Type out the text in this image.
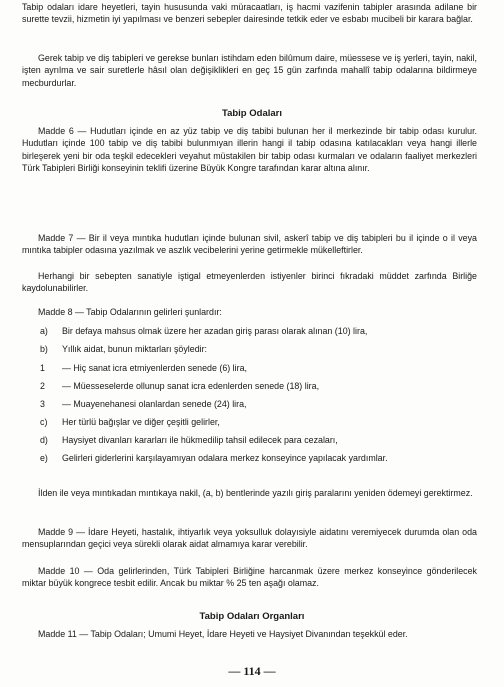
Tabip odaları idare heyetleri, tayin hususunda vaki müracaatları, iş hacmi vazifenin tabipler arasında adilane bir surette tevzii, hizmetin iyi yapılması ve benzeri sebepler dairesinde tetkik eder ve esbabı mucibeli bir karara bağlar.

Gerek tabip ve diş tabipleri ve gerekse bunları istihdam eden bilûmum daire, müessese ve iş yerleri, tayin, nakil, işten ayrılma ve sair suretlerle hâsıl olan değişiklikleri en geç 15 gün zarfında mahallî tabip odalarına bildirmeye mecburdurlar.

Tabip Odaları

Madde 6 — Hudutları içinde en az yüz tabip ve diş tabibi bulunan her il merkezinde bir tabip odası kurulur. Hudutları içinde 100 tabip ve diş tabibi bulunmıyan illerin hangi il tabip odasına katılacakları veya hangi illerle birleşerek yeni bir oda teşkil edecekleri veyahut müstakilen bir tabip odası kurmaları ve odaların faaliyet merkezleri Türk Tabipleri Birliği konseyinin teklifi üzerine Büyük Kongre tarafından karar altına alınır.

Madde 7 — Bir il veya mıntıka hudutları içinde bulunan sivil, askerî tabip ve diş tabipleri bu il içinde o il veya mıntıka tabipler odasına yazılmak ve aszlık vecibelerini yerine getirmekle mükelleftirler.

Herhangi bir sebepten sanatiyle iştigal etmeyenlerden istiyenler birinci fıkradaki müddet zarfında Birliğe kaydolunabilirler.

Madde 8 — Tabip Odalarının gelirleri şunlardır:

a) Bir defaya mahsus olmak üzere her azadan giriş parası olarak alınan (10) lira,

b) Yıllık aidat, bunun miktarları şöyledir:

1 — Hiç sanat icra etmiyenlerden senede (6) lira,

2 — Müesseselerde ollunup sanat icra edenlerden senede (18) lira,

3 — Muayenehanesi olanlardan senede (24) lira,

c) Her türlü bağışlar ve diğer çeşitli gelirler,

d) Haysiyet divanları kararları ile hükmedilip tahsil edilecek para cezaları,

e)	Gelirleri giderlerini karşılayamıyan odalara merkez konseyince yapılacak yardımlar.

İlden ile veya mıntıkadan mıntıkaya nakil, (a, b) bentlerinde yazılı giriş paralarını yeniden ödemeyi gerektirmez.

Madde 9 — İdare Heyeti, hastalık, ihtiyarlık veya yoksulluk dolayısiyle aidatını veremiyecek durumda olan oda mensuplarından geçici veya sürekli olarak aidat almamıya karar verebilir.

Madde 10 — Oda gelirlerinden, Türk Tabipleri Birliğine harcanmak üzere merkez konseyince gönderilecek miktar büyük kongrece tesbit edilir. Ancak bu miktar % 25 ten aşağı olamaz.

Tabip Odaları Organları

Madde 11 — Tabip Odaları; Umumi Heyet, İdare Heyeti ve Haysiyet Divanından teşekkül eder.

— 114 —
